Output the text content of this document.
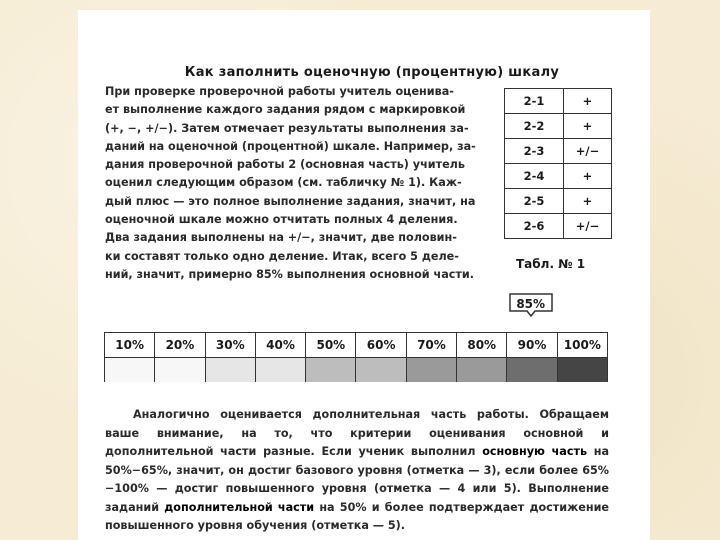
Как заполнить оценочную (процентную) шкалу
При проверке проверочной работы учитель оценива-
ет выполнение каждого задания рядом с маркировкой
(+, −, +/−). Затем отмечает результаты выполнения за-
даний на оценочной (процентной) шкале. Например, за-
дания проверочной работы 2 (основная часть) учитель
оценил следующим образом (см. табличку № 1). Каж-
дый плюс — это полное выполнение задания, значит, на
оценочной шкале можно отчитать полных 4 деления.
Два задания выполнены на +/−, значит, две половин-
ки составят только одно деление. Итак, всего 5 деле-
ний, значит, примерно 85% выполнения основной части.
2-1	+
2-2	+
2-3	+/−
2-4	+
2-5	+
2-6	+/−
Табл. № 1
85%
10%	20%	30%	40%	50%	60%	70%	80%	90%	100%
Аналогично оценивается дополнительная часть работы. Обращаем ваше внимание, на то, что критерии оценивания основной и дополнительной части разные. Если ученик выполнил основную часть на 50%−65%, значит, он достиг базового уровня (отметка — 3), если более 65%−100% — достиг повышенного уровня (отметка — 4 или 5). Выполнение заданий дополнительной части на 50% и более подтверждает достижение повышенного уровня обучения (отметка — 5).
